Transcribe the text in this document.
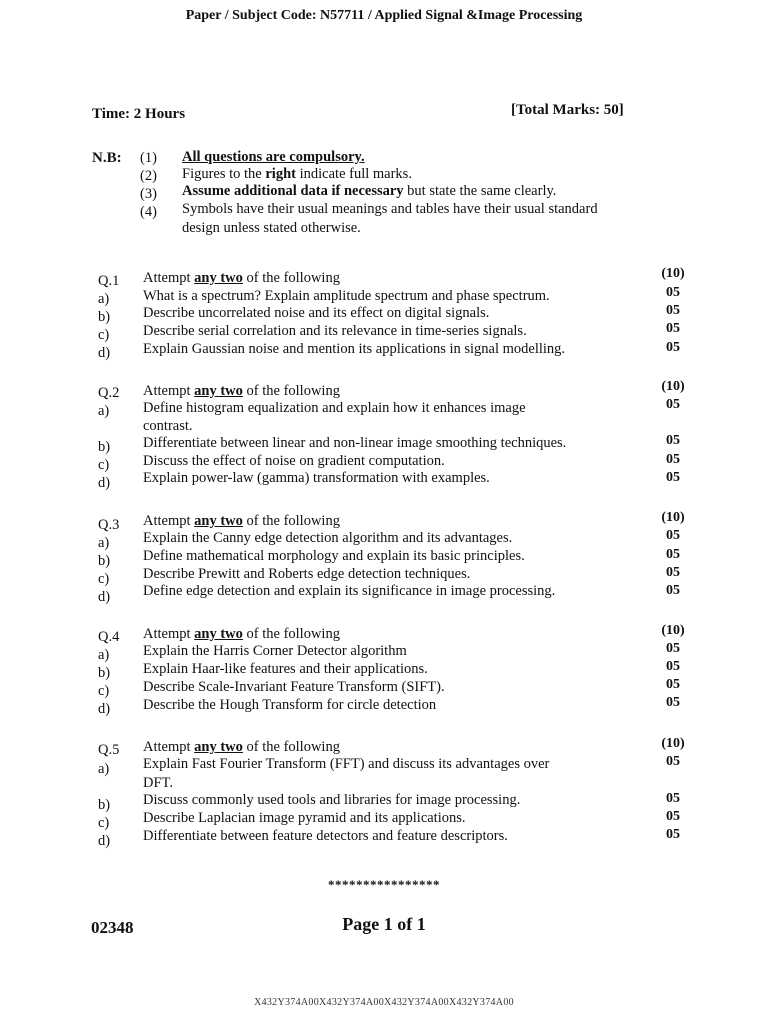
Paper / Subject Code: N57711 / Applied Signal &Image Processing
Time: 2 Hours	[Total Marks: 50]
N.B: (1) All questions are compulsory.
(2) Figures to the right indicate full marks.
(3) Assume additional data if necessary but state the same clearly.
(4) Symbols have their usual meanings and tables have their usual standard
design unless stated otherwise.
Q.1 Attempt any two of the following	(10)
a) What is a spectrum? Explain amplitude spectrum and phase spectrum.	05
b) Describe uncorrelated noise and its effect on digital signals.	05
c) Describe serial correlation and its relevance in time-series signals.	05
d) Explain Gaussian noise and mention its applications in signal modelling.	05
Q.2 Attempt any two of the following	(10)
a) Define histogram equalization and explain how it enhances image
contrast.
05
b) Differentiate between linear and non-linear image smoothing techniques.	05
c) Discuss the effect of noise on gradient computation.	05
d) Explain power-law (gamma) transformation with examples.	05
Q.3 Attempt any two of the following	(10)
a) Explain the Canny edge detection algorithm and its advantages.	05
b) Define mathematical morphology and explain its basic principles.	05
c) Describe Prewitt and Roberts edge detection techniques.	05
d) Define edge detection and explain its significance in image processing.	05
Q.4 Attempt any two of the following	(10)
a) Explain the Harris Corner Detector algorithm	05
b) Explain Haar-like features and their applications.	05
c) Describe Scale-Invariant Feature Transform (SIFT).	05
d) Describe the Hough Transform for circle detection	05
Q.5 Attempt any two of the following	(10)
a) Explain Fast Fourier Transform (FFT) and discuss its advantages over
DFT.
05
b) Discuss commonly used tools and libraries for image processing.	05
c) Describe Laplacian image pyramid and its applications.	05
d) Differentiate between feature detectors and feature descriptors.	05
****************
02348	Page 1 of 1
X432Y374A00X432Y374A00X432Y374A00X432Y374A00
